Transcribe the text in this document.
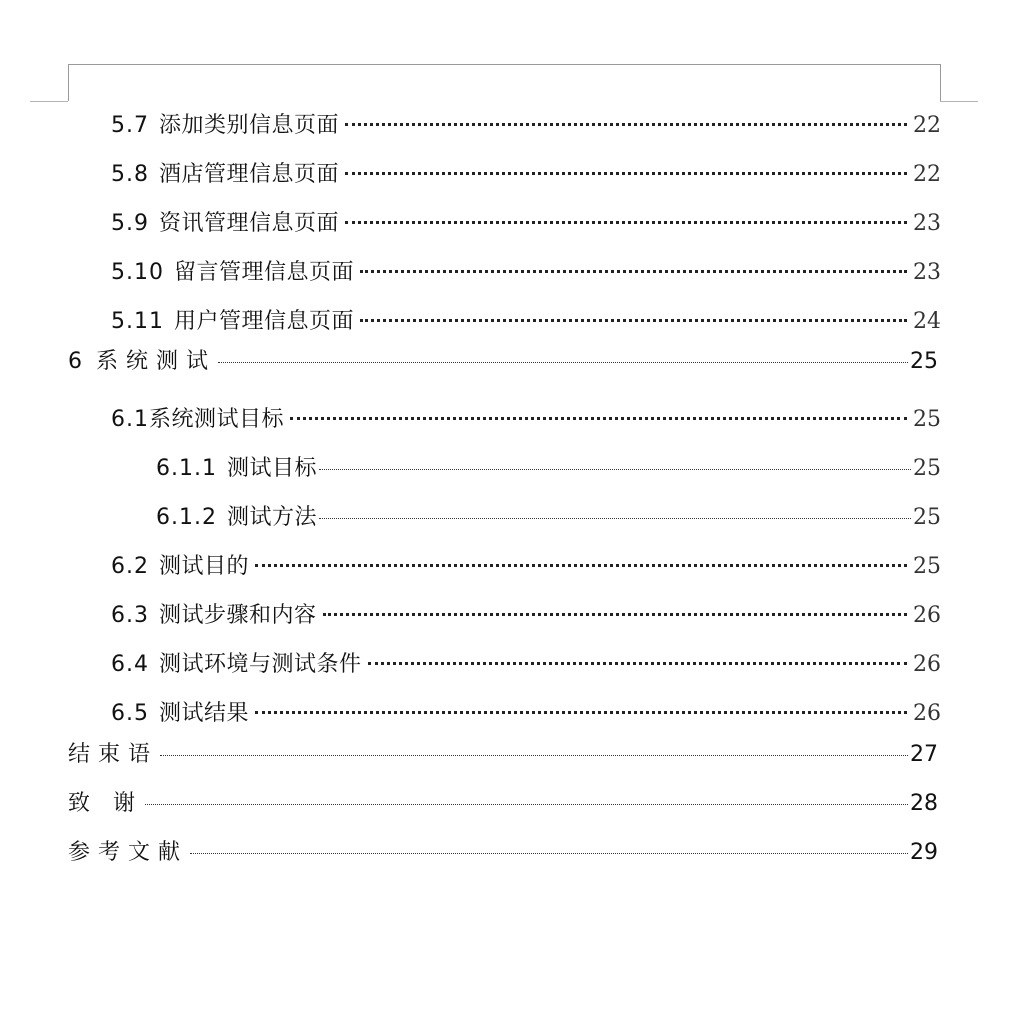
5.7 添加类别信息页面	22
5.8 酒店管理信息页面	22
5.9 资讯管理信息页面	23
5.10 留言管理信息页面	23
5.11 用户管理信息页面	24
6 系统测试	25
6.1 系统测试目标	25
6.1.1 测试目标	25
6.1.2 测试方法	25
6.2 测试目的	25
6.3 测试步骤和内容	26
6.4 测试环境与测试条件	26
6.5 测试结果	26
结束语	27
致 谢	28
参考文献	29
